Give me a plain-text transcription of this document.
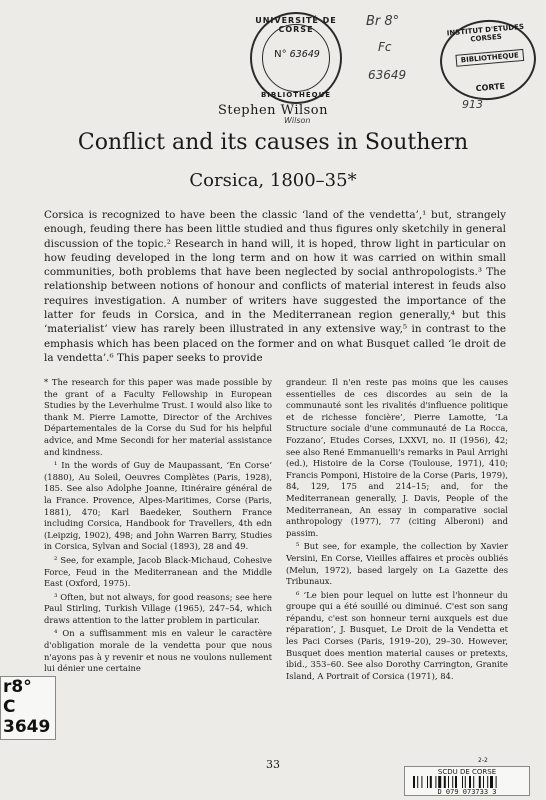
UNIVERSITÉ DE CORSE
N° 63649
BIBLIOTHÈQUE
INSTITUT D'ETUDES CORSES
BIBLIOTHEQUE
CORTE
Br 8°
Fc
63649
913
Wilson
Stephen Wilson
Conflict and its causes in Southern
Corsica, 1800–35*
Corsica is recognized to have been the classic ‘land of the vendetta’,¹ but, strangely enough, feuding there has been little studied and thus figures only sketchily in general discussion of the topic.² Research in hand will, it is hoped, throw light in particular on how feuding developed in the long term and on how it was carried on within small communities, both problems that have been neglected by social anthropologists.³ The relationship between notions of honour and conflicts of material interest in feuds also requires investigation. A number of writers have suggested the importance of the latter for feuds in Corsica, and in the Mediterranean region generally,⁴ but this ‘materialist’ view has rarely been illustrated in any extensive way,⁵ in contrast to the emphasis which has been placed on the former and on what Busquet called ‘le droit de la vendetta’.⁶ This paper seeks to provide

* The research for this paper was made possible by the grant of a Faculty Fellowship in European Studies by the Leverhulme Trust. I would also like to thank M. Pierre Lamotte, Director of the Archives Départementales de la Corse du Sud for his helpful advice, and Mme Secondi for her material assistance and kindness.

¹ In the words of Guy de Maupassant, ‘En Corse’ (1880), Au Soleil, Oeuvres Complètes (Paris, 1928), 185. See also Adolphe Joanne, Itinéraire général de la France. Provence, Alpes-Maritimes, Corse (Paris, 1881), 470; Karl Baedeker, Southern France including Corsica, Handbook for Travellers, 4th edn (Leipzig, 1902), 498; and John Warren Barry, Studies in Corsica, Sylvan and Social (1893), 28 and 49.

² See, for example, Jacob Black-Michaud, Cohesive Force, Feud in the Mediterranean and the Middle East (Oxford, 1975).

³ Often, but not always, for good reasons; see here Paul Stirling, Turkish Village (1965), 247–54, which draws attention to the latter problem in particular.

⁴ On a suffisamment mis en valeur le caractère d'obligation morale de la vendetta pour que nous n'ayons pas à y revenir et nous ne voulons nullement lui dénier une certaine

grandeur. Il n'en reste pas moins que les causes essentielles de ces discordes au sein de la communauté sont les rivalités d'influence politique et de richesse foncière’, Pierre Lamotte, ‘La Structure sociale d'une communauté de La Rocca, Fozzano’, Etudes Corses, LXXVI, no. II (1956), 42; see also René Emmanuelli's remarks in Paul Arrighi (ed.), Histoire de la Corse (Toulouse, 1971), 410; Francis Pomponi, Histoire de la Corse (Paris, 1979), 84, 129, 175 and 214–15; and, for the Mediterranean generally, J. Davis, People of the Mediterranean, An essay in comparative social anthropology (1977), 77 (citing Alberoni) and passim.

⁵ But see, for example, the collection by Xavier Versini, En Corse, Vieilles affaires et procès oubliés (Melun, 1972), based largely on La Gazette des Tribunaux.

⁶ ‘Le bien pour lequel on lutte est l'honneur du groupe qui a été souillé ou diminué. C'est son sang répandu, c'est son honneur terni auxquels est due réparation’, J. Busquet, Le Droit de la Vendetta et les Paci Corses (Paris, 1919–20), 29–30. However, Busquet does mention material causes or pretexts, ibid., 353–60. See also Dorothy Carrington, Granite Island, A Portrait of Corsica (1971), 84.

r8°
C
3649
33	2-2
SCDU DE CORSE
D 079 073733 3
